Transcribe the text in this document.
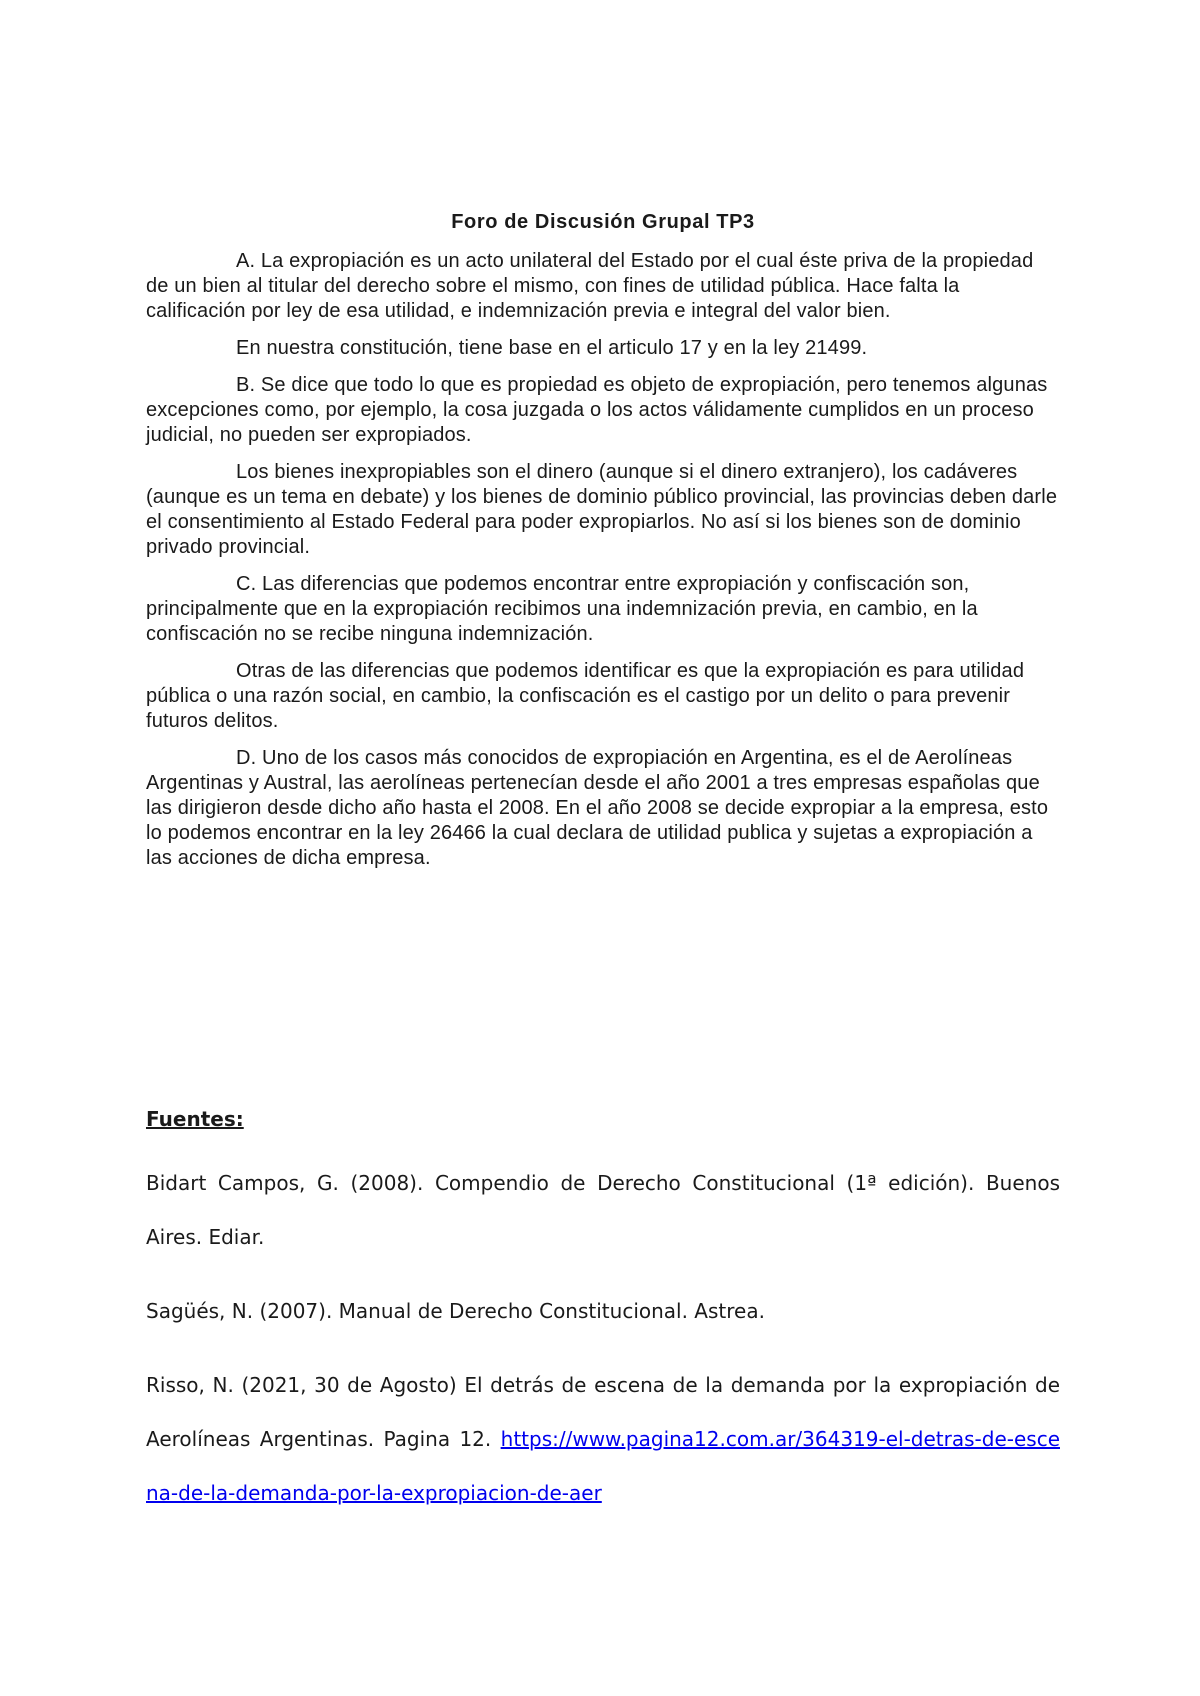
Foro de Discusión Grupal TP3

A. La expropiación es un acto unilateral del Estado por el cual éste priva de la propiedad de un bien al titular del derecho sobre el mismo, con fines de utilidad pública. Hace falta la calificación por ley de esa utilidad, e indemnización previa e integral del valor bien.

En nuestra constitución, tiene base en el articulo 17 y en la ley 21499.

B. Se dice que todo lo que es propiedad es objeto de expropiación, pero tenemos algunas excepciones como, por ejemplo, la cosa juzgada o los actos válidamente cumplidos en un proceso judicial, no pueden ser expropiados.

Los bienes inexpropiables son el dinero (aunque si el dinero extranjero), los cadáveres (aunque es un tema en debate) y los bienes de dominio público provincial, las provincias deben darle el consentimiento al Estado Federal para poder expropiarlos. No así si los bienes son de dominio privado provincial.

C. Las diferencias que podemos encontrar entre expropiación y confiscación son, principalmente que en la expropiación recibimos una indemnización previa, en cambio, en la confiscación no se recibe ninguna indemnización.

Otras de las diferencias que podemos identificar es que la expropiación es para utilidad pública o una razón social, en cambio, la confiscación es el castigo por un delito o para prevenir futuros delitos.

D. Uno de los casos más conocidos de expropiación en Argentina, es el de Aerolíneas Argentinas y Austral, las aerolíneas pertenecían desde el año 2001 a tres empresas españolas que las dirigieron desde dicho año hasta el 2008. En el año 2008 se decide expropiar a la empresa, esto lo podemos encontrar en la ley 26466 la cual declara de utilidad publica y sujetas a expropiación a las acciones de dicha empresa.

Fuentes:

Bidart Campos, G. (2008). Compendio de Derecho Constitucional (1ª edición). Buenos Aires. Ediar.

Sagüés, N. (2007). Manual de Derecho Constitucional. Astrea.

Risso, N. (2021, 30 de Agosto) El detrás de escena de la demanda por la expropiación de Aerolíneas Argentinas. Pagina 12. https://www.pagina12.com.ar/364319-el-detras-de-escena-de-la-demanda-por-la-expropiacion-de-aer
